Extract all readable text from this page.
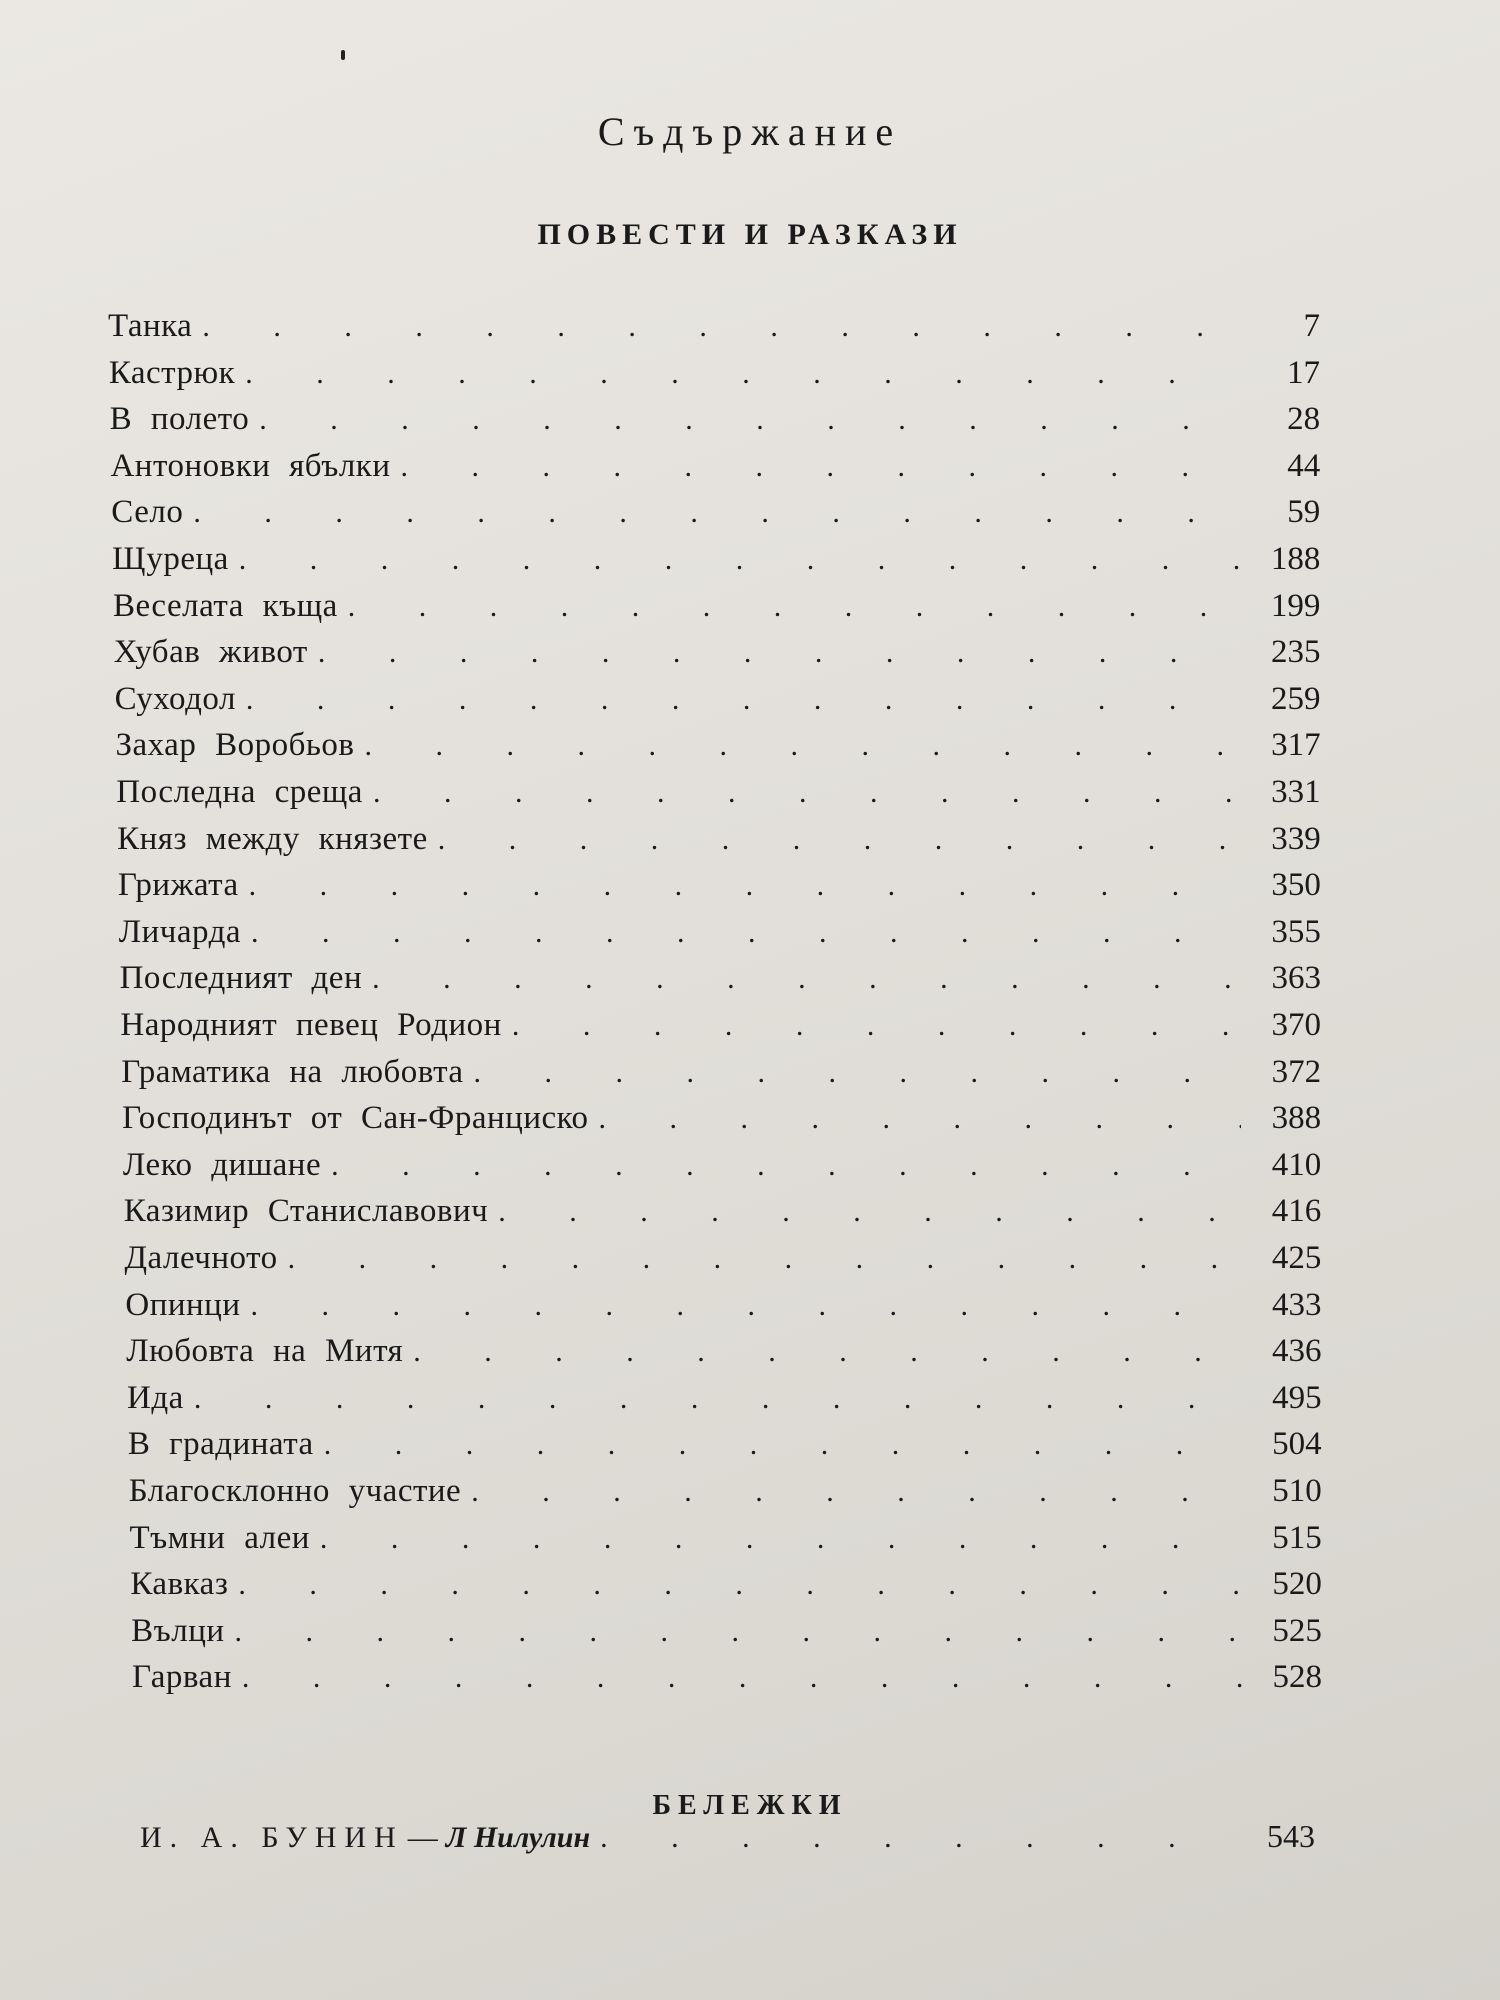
Съдържание
ПОВЕСТИ И РАЗКАЗИ
Танка . . .	7
Кастрюк . . .	17
В полето . . .	28
Антоновки ябълки . . .	44
Село . . .	59
Щуреца . . .	188
Веселата къща . . .	199
Хубав живот . . .	235
Суходол . . .	259
Захар Воробьов . . .	317
Последна среща . . .	331
Княз между князете . . .	339
Грижата . . .	350
Личарда . . .	355
Последният ден . . .	363
Народният певец Родион . . .	370
Граматика на любовта . . .	372
Господинът от Сан-Франциско . . .	388
Леко дишане . . .	410
Казимир Станиславович . . .	416
Далечното . . .	425
Опинци . . .	433
Любовта на Митя . . .	436
Ида . . .	495
В градината . . .	504
Благосклонно участие . . .	510
Тъмни алеи . . .	515
Кавказ . . .	520
Вълци . . .	525
Гарван . . .	528
БЕЛЕЖКИ
И. А. БУНИН — Л Нилулин . . .	543
